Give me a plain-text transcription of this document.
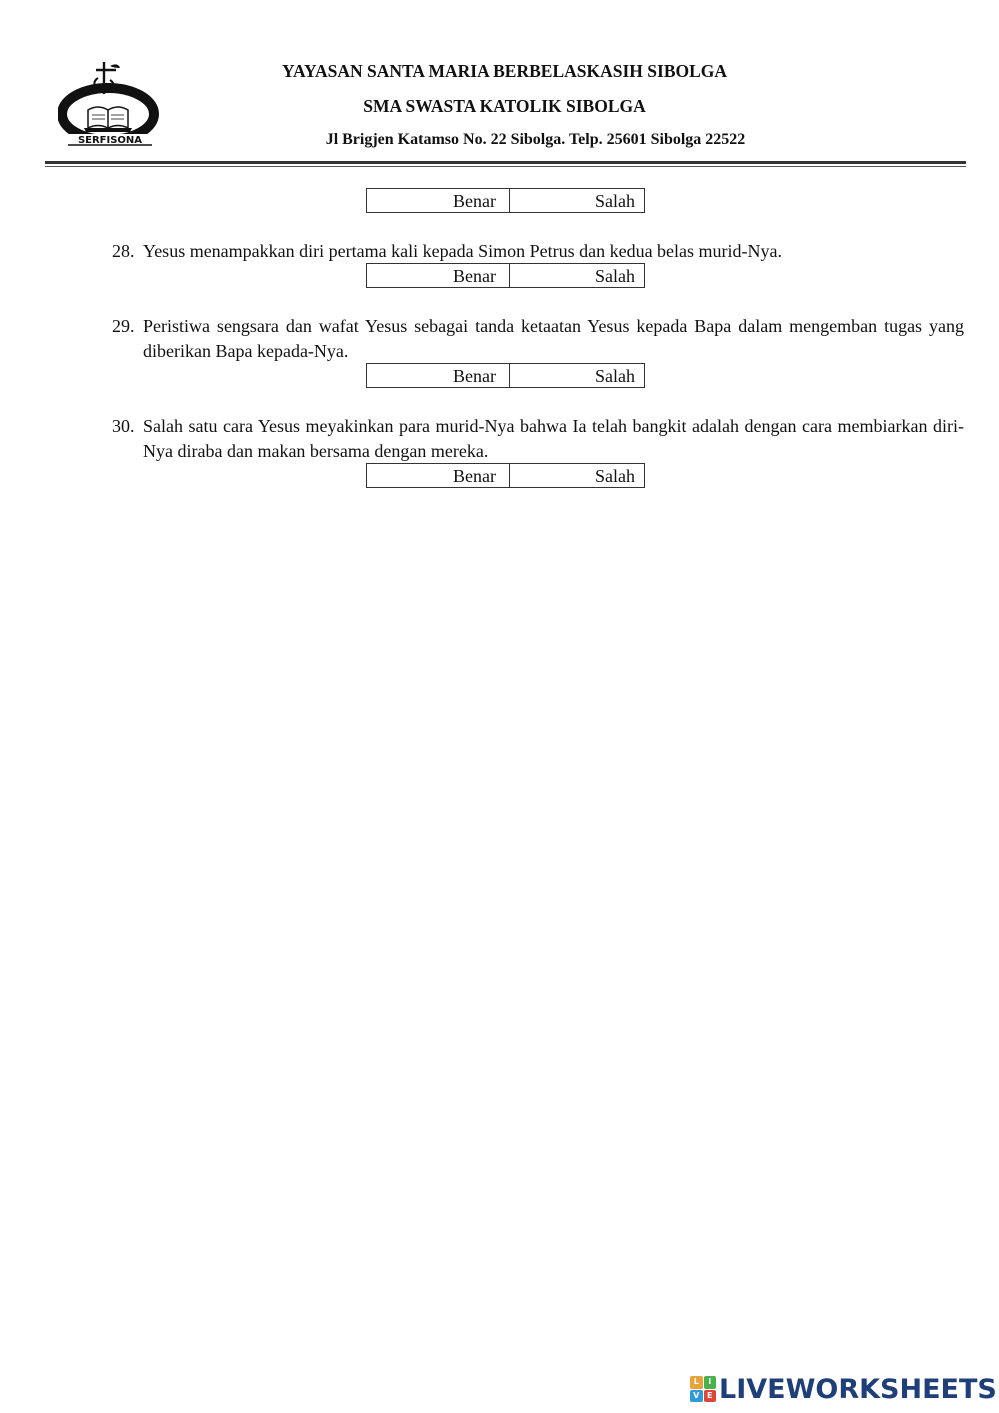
SERFISONA
YAYASAN SANTA MARIA BERBELASKASIH SIBOLGA
SMA SWASTA KATOLIK SIBOLGA
Jl Brigjen Katamso No. 22 Sibolga. Telp. 25601 Sibolga 22522
Benar	Salah
28. Yesus menampakkan diri pertama kali kepada Simon Petrus dan kedua belas murid-Nya.
Benar	Salah
29. Peristiwa sengsara dan wafat Yesus sebagai tanda ketaatan Yesus kepada Bapa dalam mengemban tugas yang diberikan Bapa kepada-Nya.
Benar	Salah
30. Salah satu cara Yesus meyakinkan para murid-Nya bahwa Ia telah bangkit adalah dengan cara membiarkan diri-Nya diraba dan makan bersama dengan mereka.
Benar	Salah
L	I
V E LIVEWORKSHEETS
